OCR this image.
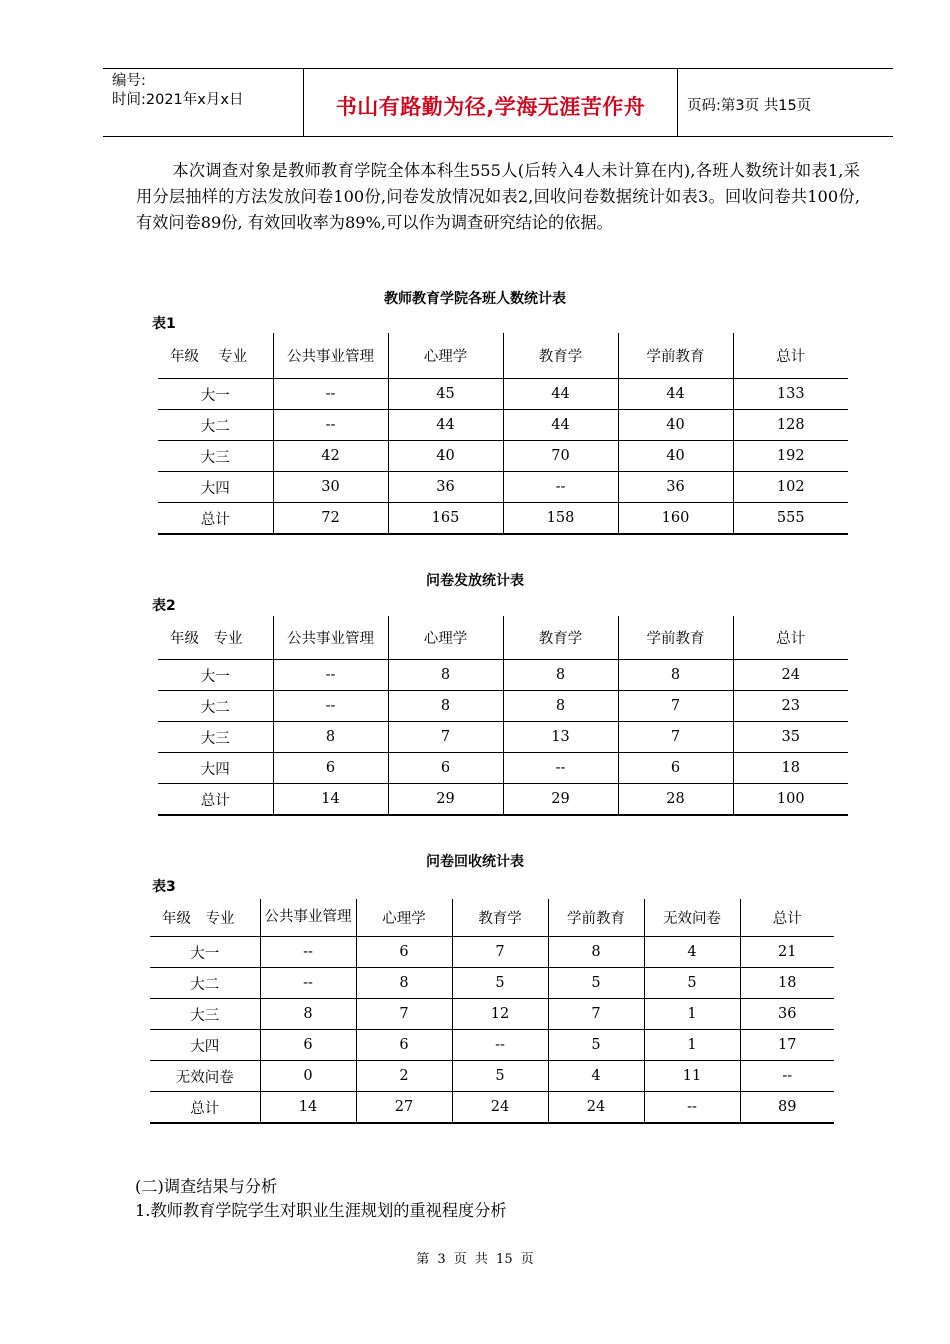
编号:
时间:2021年x月x日	书山有路勤为径,学海无涯苦作舟	页码:第3页 共15页
本次调查对象是教师教育学院全体本科生555人(后转入4人未计算在内),各班人数统计如表1,采用分层抽样的方法发放问卷100份,问卷发放情况如表2,回收问卷数据统计如表3。回收问卷共100份,有效问卷89份, 有效回收率为89%,可以作为调查研究结论的依据。
教师教育学院各班人数统计表
表1
年级　 专业	公共事业管理	心理学	教育学	学前教育	总计
大一	--	45	44	44	133
大二	--	44	44	40	128
大三	42	40	70	40	192
大四	30	36	--	36	102
总计	72	165	158	160	555
问卷发放统计表
表2
年级　专业	公共事业管理	心理学	教育学	学前教育	总计
大一	--	8	8	8	24
大二	--	8	8	7	23
大三	8	7	13	7	35
大四	6	6	--	6	18
总计	14	29	29	28	100
问卷回收统计表
表3
年级　专业	公共事业管理	心理学	教育学	学前教育	无效问卷	总计
大一	--	6	7	8	4	21
大二	--	8	5	5	5	18
大三	8	7	12	7	1	36
大四	6	6	--	5	1	17
无效问卷	0	2	5	4	11	--
总计	14	27	24	24	--	89
(二)调查结果与分析
1.教师教育学院学生对职业生涯规划的重视程度分析
第 3 页 共 15 页
